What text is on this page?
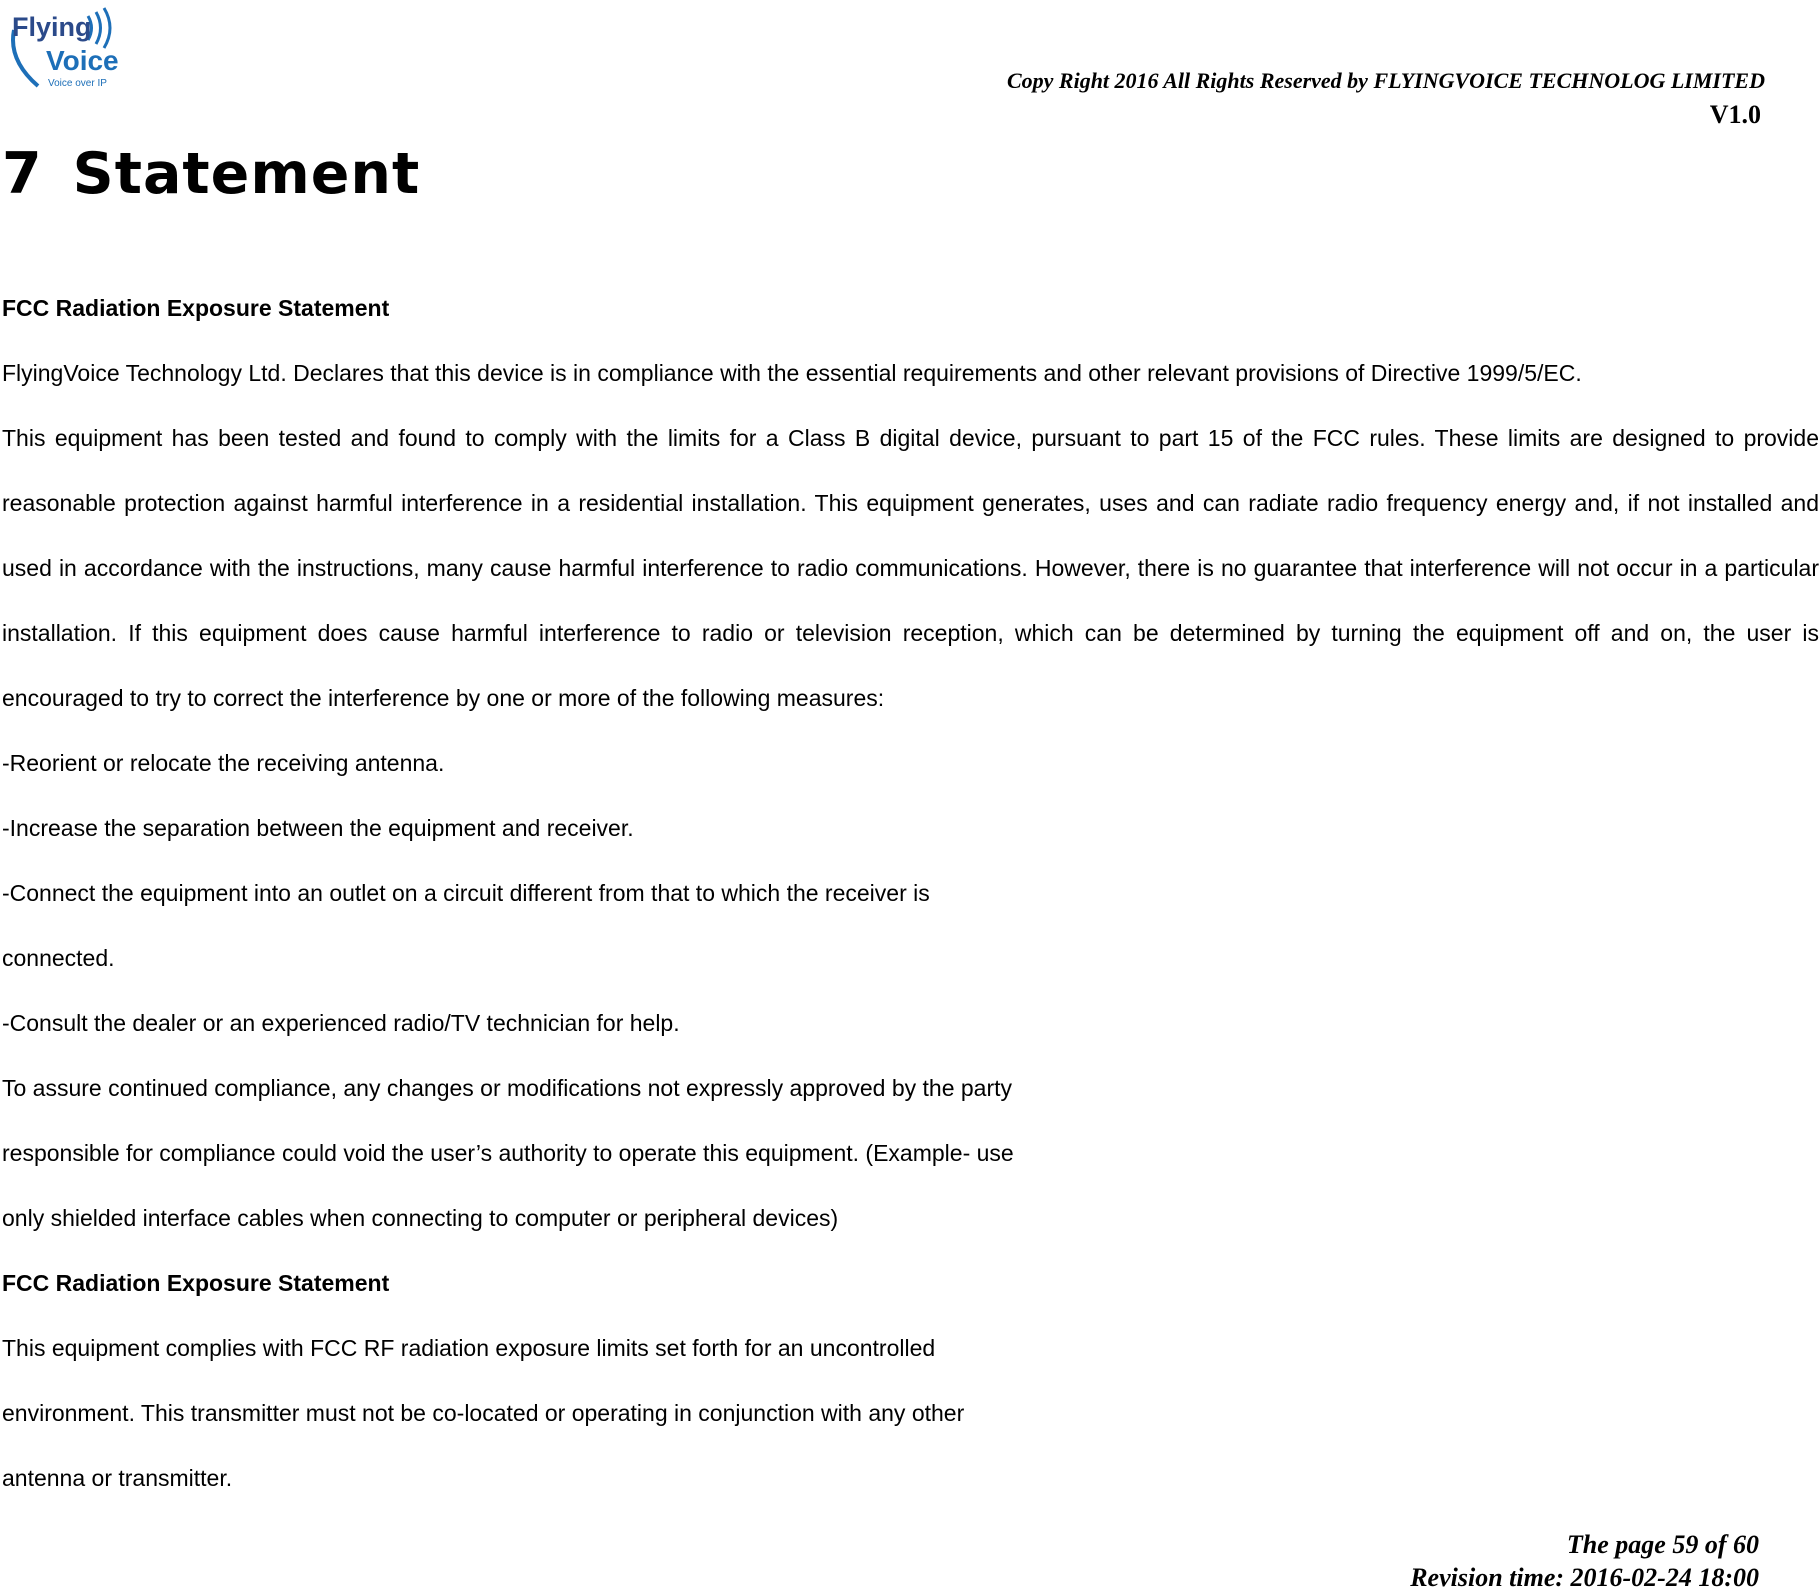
Flying
Voice
Voice over IP	Copy Right 2016 All Rights Reserved by FLYINGVOICE TECHNOLOG LIMITED
V1.0
7 Statement

FCC Radiation Exposure Statement

FlyingVoice Technology Ltd. Declares that this device is in compliance with the essential requirements and other relevant provisions of Directive 1999/5/EC.

This equipment has been tested and found to comply with the limits for a Class B digital device, pursuant to part 15 of the FCC rules. These limits are designed to provide reasonable protection against harmful interference in a residential installation. This equipment generates, uses and can radiate radio frequency energy and, if not installed and used in accordance with the instructions, many cause harmful interference to radio communications. However, there is no guarantee that interference will not occur in a particular installation. If this equipment does cause harmful interference to radio or television reception, which can be determined by turning the equipment off and on, the user is encouraged to try to correct the interference by one or more of the following measures:

-Reorient or relocate the receiving antenna.

-Increase the separation between the equipment and receiver.

-Connect the equipment into an outlet on a circuit different from that to which the receiver is

connected.

-Consult the dealer or an experienced radio/TV technician for help.

To assure continued compliance, any changes or modifications not expressly approved by the party

responsible for compliance could void the user’s authority to operate this equipment. (Example- use

only shielded interface cables when connecting to computer or peripheral devices)

FCC Radiation Exposure Statement

This equipment complies with FCC RF radiation exposure limits set forth for an uncontrolled

environment. This transmitter must not be co-located or operating in conjunction with any other

antenna or transmitter.

The page 59 of 60
Revision time: 2016-02-24 18:00
